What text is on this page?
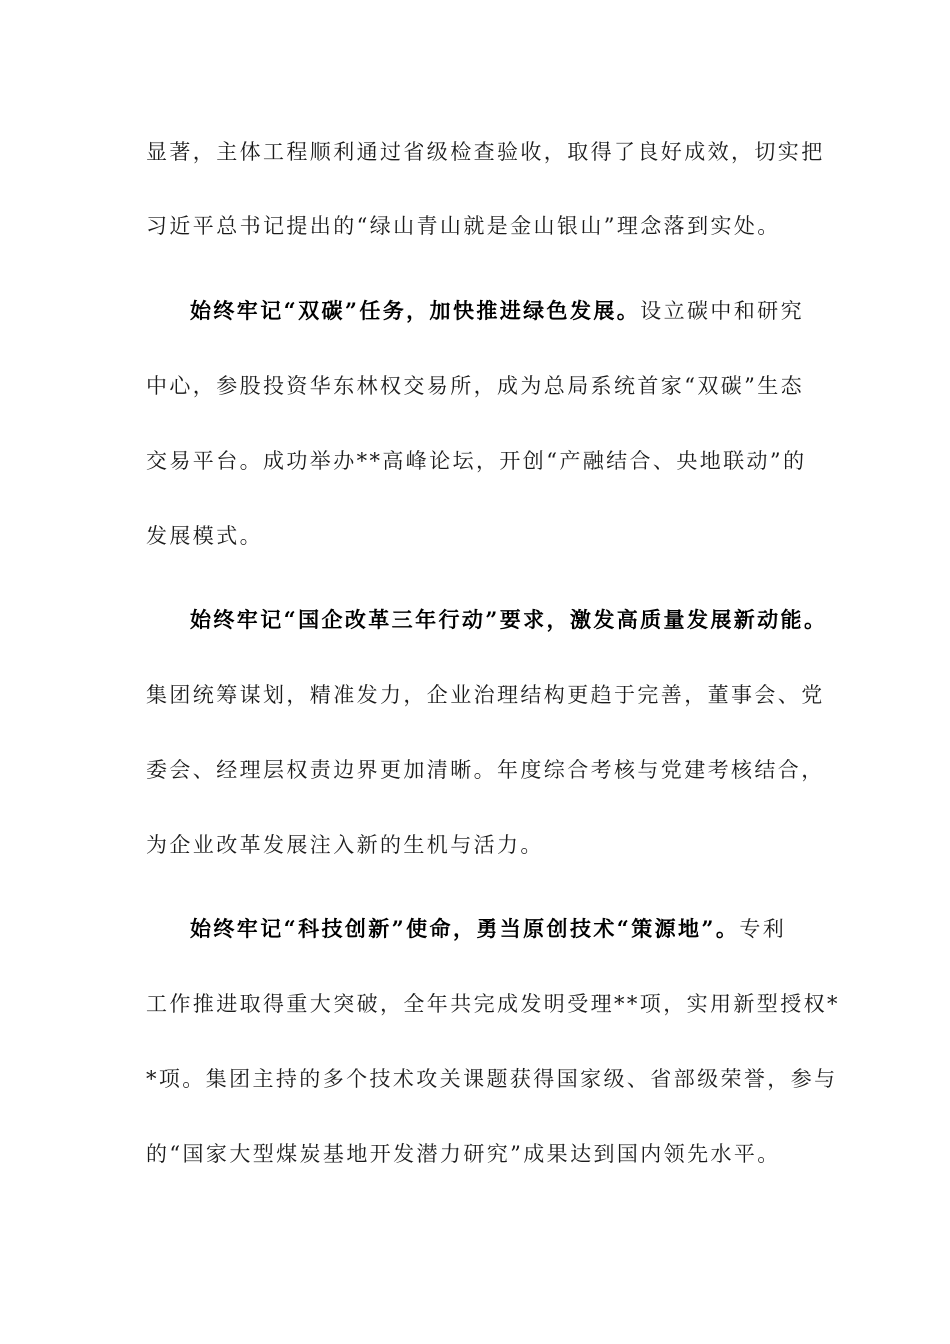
显著，主体工程顺利通过省级检查验收，取得了良好成效，切实把
习近平总书记提出的“绿山青山就是金山银山”理念落到实处。
始终牢记“双碳”任务，加快推进绿色发展。设立碳中和研究
中心，参股投资华东林权交易所，成为总局系统首家“双碳”生态
交易平台。成功举办**高峰论坛，开创“产融结合、央地联动”的
发展模式。
始终牢记“国企改革三年行动”要求，激发高质量发展新动能。
集团统筹谋划，精准发力，企业治理结构更趋于完善，董事会、党
委会、经理层权责边界更加清晰。年度综合考核与党建考核结合，
为企业改革发展注入新的生机与活力。
始终牢记“科技创新”使命，勇当原创技术“策源地”。专利
工作推进取得重大突破，全年共完成发明受理**项，实用新型授权*
*项。集团主持的多个技术攻关课题获得国家级、省部级荣誉，参与
的“国家大型煤炭基地开发潜力研究”成果达到国内领先水平。
